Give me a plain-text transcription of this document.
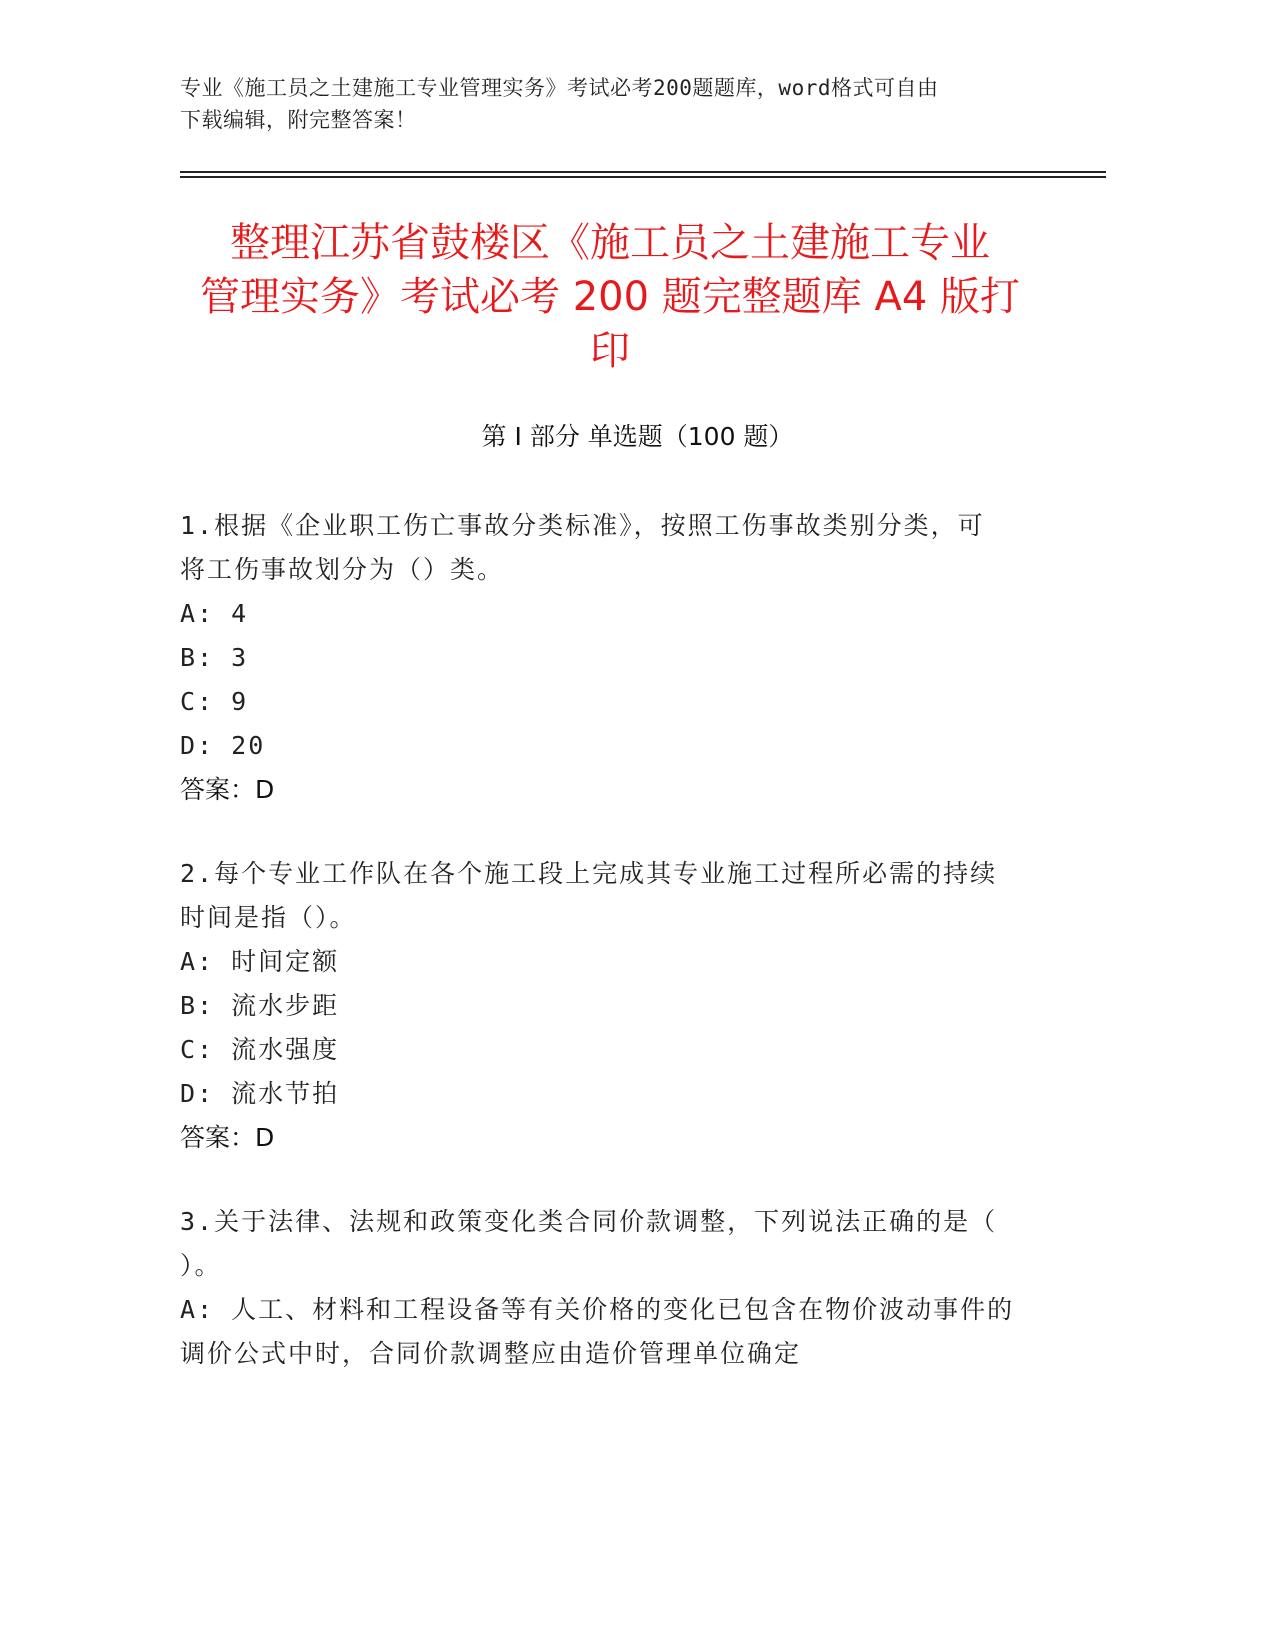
专业《施工员之土建施工专业管理实务》考试必考200题题库，word格式可自由
下载编辑，附完整答案！
整理江苏省鼓楼区《施工员之土建施工专业
管理实务》考试必考 200 题完整题库 A4 版打
印
第 I 部分 单选题（100 题）
1.根据《企业职工伤亡事故分类标准》，按照工伤事故类别分类，可
将工伤事故划分为（）类。
A: 4
B: 3
C: 9
D: 20
答案：D
2.每个专业工作队在各个施工段上完成其专业施工过程所必需的持续
时间是指（）。
A: 时间定额
B: 流水步距
C: 流水强度
D: 流水节拍
答案：D
3.关于法律、法规和政策变化类合同价款调整，下列说法正确的是（
）。
A: 人工、材料和工程设备等有关价格的变化已包含在物价波动事件的
调价公式中时，合同价款调整应由造价管理单位确定
